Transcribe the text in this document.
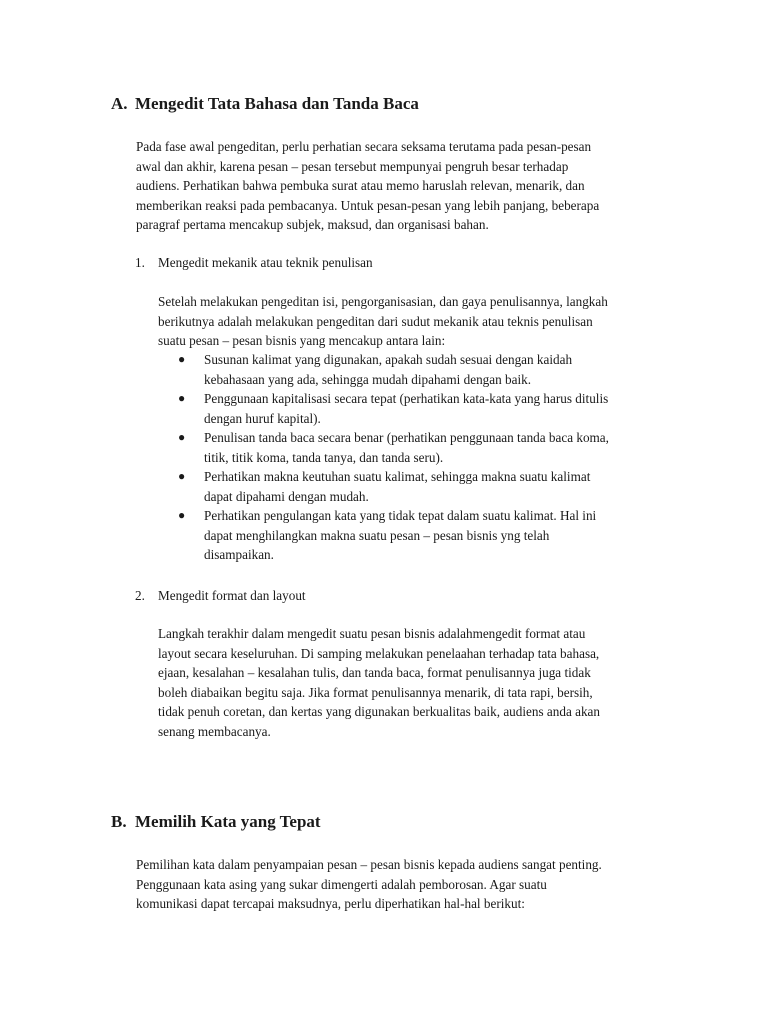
A. Mengedit Tata Bahasa dan Tanda Baca
Pada fase awal pengeditan, perlu perhatian secara seksama terutama pada pesan-pesan
awal dan akhir, karena pesan – pesan tersebut mempunyai pengruh besar terhadap
audiens. Perhatikan bahwa pembuka surat atau memo haruslah relevan, menarik, dan
memberikan reaksi pada pembacanya. Untuk pesan-pesan yang lebih panjang, beberapa
paragraf pertama mencakup subjek, maksud, dan organisasi bahan.
1. Mengedit mekanik atau teknik penulisan
Setelah melakukan pengeditan isi, pengorganisasian, dan gaya penulisannya, langkah
berikutnya adalah melakukan pengeditan dari sudut mekanik atau teknis penulisan
suatu pesan – pesan bisnis yang mencakup antara lain:
● Susunan kalimat yang digunakan, apakah sudah sesuai dengan kaidah
kebahasaan yang ada, sehingga mudah dipahami dengan baik.
● Penggunaan kapitalisasi secara tepat (perhatikan kata-kata yang harus ditulis
dengan huruf kapital).
● Penulisan tanda baca secara benar (perhatikan penggunaan tanda baca koma,
titik, titik koma, tanda tanya, dan tanda seru).
● Perhatikan makna keutuhan suatu kalimat, sehingga makna suatu kalimat
dapat dipahami dengan mudah.
● Perhatikan pengulangan kata yang tidak tepat dalam suatu kalimat. Hal ini
dapat menghilangkan makna suatu pesan – pesan bisnis yng telah
disampaikan.
2. Mengedit format dan layout
Langkah terakhir dalam mengedit suatu pesan bisnis adalahmengedit format atau
layout secara keseluruhan. Di samping melakukan penelaahan terhadap tata bahasa,
ejaan, kesalahan – kesalahan tulis, dan tanda baca, format penulisannya juga tidak
boleh diabaikan begitu saja. Jika format penulisannya menarik, di tata rapi, bersih,
tidak penuh coretan, dan kertas yang digunakan berkualitas baik, audiens anda akan
senang membacanya.
B. Memilih Kata yang Tepat
Pemilihan kata dalam penyampaian pesan – pesan bisnis kepada audiens sangat penting.
Penggunaan kata asing yang sukar dimengerti adalah pemborosan. Agar suatu
komunikasi dapat tercapai maksudnya, perlu diperhatikan hal-hal berikut:
